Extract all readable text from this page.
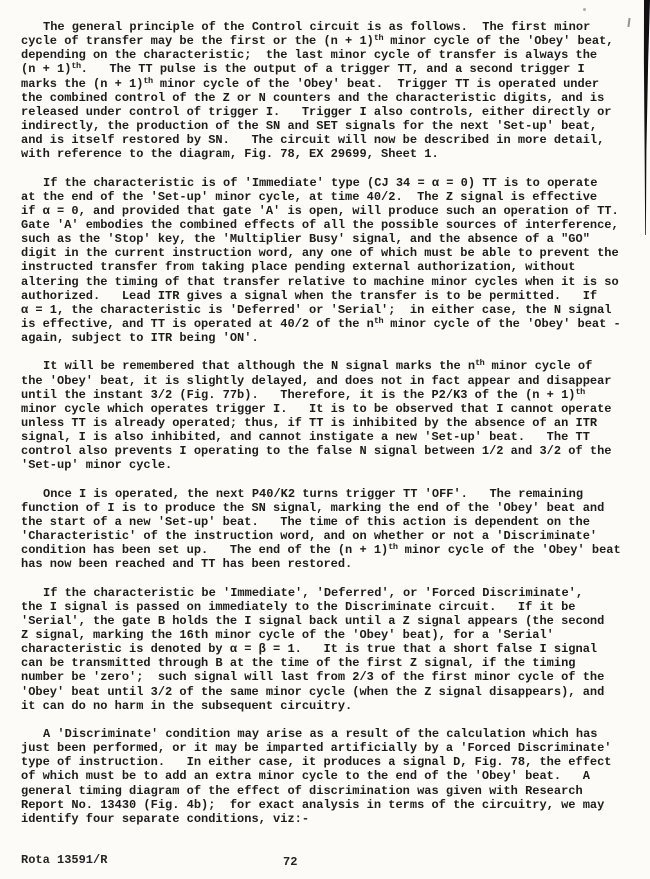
The general principle of the Control circuit is as follows.  The first minor
cycle of transfer may be the first or the $(n + 1)^{th}$ minor cycle of the 'Obey' beat,
depending on the characteristic;  the last minor cycle of transfer is always the
$(n + 1)^{th}$.   The TT pulse is the output of a trigger TT, and a second trigger I
marks the $(n + 1)^{th}$ minor cycle of the 'Obey' beat.  Trigger TT is operated under
the combined control of the Z or N counters and the characteristic digits, and is
released under control of trigger I.   Trigger I also controls, either directly or
indirectly, the production of the SN and SET signals for the next 'Set-up' beat,
and is itself restored by SN.   The circuit will now be described in more detail,
with reference to the diagram, Fig. 78, EX 29699, Sheet 1.
If the characteristic is of 'Immediate' type (CJ 34 = α = 0) TT is to operate
at the end of the 'Set-up' minor cycle, at time 40/2.  The Z signal is effective
if α = 0, and provided that gate 'A' is open, will produce such an operation of TT.
Gate 'A' embodies the combined effects of all the possible sources of interference,
such as the 'Stop' key, the 'Multiplier Busy' signal, and the absence of a "GO"
digit in the current instruction word, any one of which must be able to prevent the
instructed transfer from taking place pending external authorization, without
altering the timing of that transfer relative to machine minor cycles when it is so
authorized.   Lead ITR gives a signal when the transfer is to be permitted.   If
α = 1, the characteristic is 'Deferred' or 'Serial';  in either case, the N signal
is effective, and TT is operated at 40/2 of the $n^{th}$ minor cycle of the 'Obey' beat -
again, subject to ITR being 'ON'.
It will be remembered that although the N signal marks the $n^{th}$ minor cycle of
the 'Obey' beat, it is slightly delayed, and does not in fact appear and disappear
until the instant 3/2 (Fig. 77b).   Therefore, it is the P2/K3 of the $(n + 1)^{th}$
minor cycle which operates trigger I.   It is to be observed that I cannot operate
unless TT is already operated; thus, if TT is inhibited by the absence of an ITR
signal, I is also inhibited, and cannot instigate a new 'Set-up' beat.   The TT
control also prevents I operating to the false N signal between 1/2 and 3/2 of the
'Set-up' minor cycle.
Once I is operated, the next P40/K2 turns trigger TT 'OFF'.   The remaining
function of I is to produce the SN signal, marking the end of the 'Obey' beat and
the start of a new 'Set-up' beat.   The time of this action is dependent on the
'Characteristic' of the instruction word, and on whether or not a 'Discriminate'
condition has been set up.   The end of the $(n + 1)^{th}$ minor cycle of the 'Obey' beat
has now been reached and TT has been restored.
If the characteristic be 'Immediate', 'Deferred', or 'Forced Discriminate',
the I signal is passed on immediately to the Discriminate circuit.   If it be
'Serial', the gate B holds the I signal back until a Z signal appears (the second
Z signal, marking the 16th minor cycle of the 'Obey' beat), for a 'Serial'
characteristic is denoted by α = β = 1.   It is true that a short false I signal
can be transmitted through B at the time of the first Z signal, if the timing
number be 'zero';  such signal will last from 2/3 of the first minor cycle of the
'Obey' beat until 3/2 of the same minor cycle (when the Z signal disappears), and
it can do no harm in the subsequent circuitry.
A 'Discriminate' condition may arise as a result of the calculation which has
just been performed, or it may be imparted artificially by a 'Forced Discriminate'
type of instruction.   In either case, it produces a signal D, Fig. 78, the effect
of which must be to add an extra minor cycle to the end of the 'Obey' beat.   A
general timing diagram of the effect of discrimination was given with Research
Report No. 13430 (Fig. 4b);  for exact analysis in terms of the circuitry, we may
identify four separate conditions, viz:-
Rota 13591/R	72
